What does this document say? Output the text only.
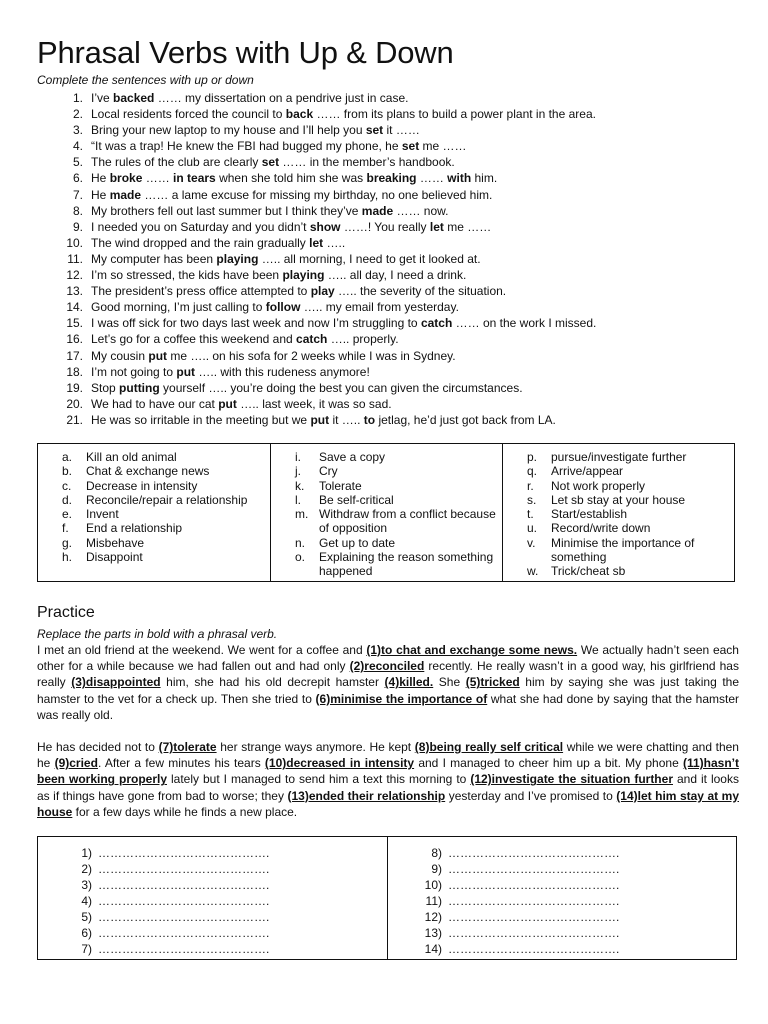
Phrasal Verbs with Up & Down
Complete the sentences with up or down
1. I’ve backed …… my dissertation on a pendrive just in case.
2. Local residents forced the council to back …… from its plans to build a power plant in the area.
3. Bring your new laptop to my house and I’ll help you set it ……
4. “It was a trap! He knew the FBI had bugged my phone, he set me ……
5. The rules of the club are clearly set …… in the member’s handbook.
6. He broke …… in tears when she told him she was breaking …… with him.
7. He made …… a lame excuse for missing my birthday, no one believed him.
8. My brothers fell out last summer but I think they’ve made …… now.
9. I needed you on Saturday and you didn’t show ……! You really let me ……
10. The wind dropped and the rain gradually let …..
11. My computer has been playing ….. all morning, I need to get it looked at.
12. I’m so stressed, the kids have been playing ….. all day, I need a drink.
13. The president’s press office attempted to play ….. the severity of the situation.
14. Good morning, I’m just calling to follow ….. my email from yesterday.
15. I was off sick for two days last week and now I’m struggling to catch …… on the work I missed.
16. Let’s go for a coffee this weekend and catch ….. properly.
17. My cousin put me ….. on his sofa for 2 weeks while I was in Sydney.
18. I’m not going to put ….. with this rudeness anymore!
19. Stop putting yourself ….. you’re doing the best you can given the circumstances.
20. We had to have our cat put ….. last week, it was so sad.
21. He was so irritable in the meeting but we put it ….. to jetlag, he’d just got back from LA.
a.	Kill an old animal
b.	Chat & exchange news
c.	Decrease in intensity
d.	Reconcile/repair a relationship
e.	Invent
f.	End a relationship
g.	Misbehave
h.	Disappoint
i.	Save a copy
j.	Cry
k.	Tolerate
l.	Be self-critical
m. Withdraw from a conflict because of opposition
n.	Get up to date
o.	Explaining the reason something happened
p.	pursue/investigate further
q.	Arrive/appear
r.	Not work properly
s.	Let sb stay at your house
t.	Start/establish
u.	Record/write down
v.	Minimise the importance of something
w.	Trick/cheat sb
Practice
Replace the parts in bold with a phrasal verb.
I met an old friend at the weekend. We went for a coffee and (1)to chat and exchange some news. We actually hadn’t seen each other for a while because we had fallen out and had only (2)reconciled recently. He really wasn’t in a good way, his girlfriend has really (3)disappointed him, she had his old decrepit hamster (4)killed. She (5)tricked him by saying she was just taking the hamster to the vet for a check up. Then she tried to (6)minimise the importance of what she had done by saying that the hamster was really old.
He has decided not to (7)tolerate her strange ways anymore. He kept (8)being really self critical while we were chatting and then he (9)cried. After a few minutes his tears (10)decreased in intensity and I managed to cheer him up a bit. My phone (11)hasn’t been working properly lately but I managed to send him a text this morning to (12)investigate the situation further and it looks as if things have gone from bad to worse; they (13)ended their relationship yesterday and I’ve promised to (14)let him stay at my house for a few days while he finds a new place.
1) …………………………………….
2) …………………………………….
3) …………………………………….
4) …………………………………….
5) …………………………………….
6) …………………………………….
7) …………………………………….
8) …………………………………….
9) …………………………………….
10) …………………………………….
11) …………………………………….
12) …………………………………….
13) …………………………………….
14) …………………………………….
